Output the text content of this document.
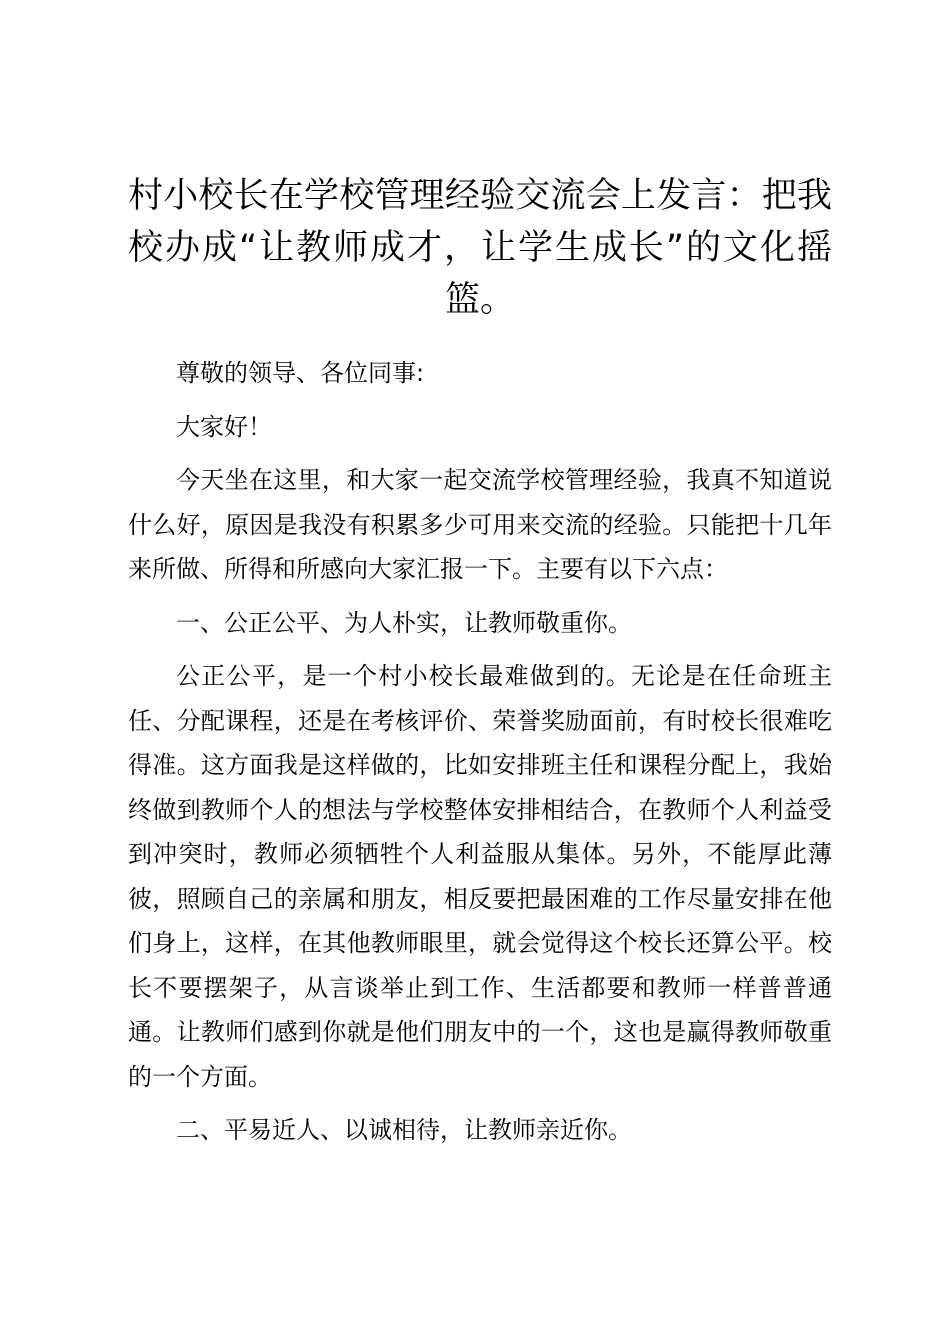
村小校长在学校管理经验交流会上发言：把我校办成“让教师成才，让学生成长”的文化摇篮。

尊敬的领导、各位同事:

大家好！

今天坐在这里，和大家一起交流学校管理经验，我真不知道说什么好，原因是我没有积累多少可用来交流的经验。只能把十几年来所做、所得和所感向大家汇报一下。主要有以下六点：

一、公正公平、为人朴实，让教师敬重你。

公正公平，是一个村小校长最难做到的。无论是在任命班主任、分配课程，还是在考核评价、荣誉奖励面前，有时校长很难吃得准。这方面我是这样做的，比如安排班主任和课程分配上，我始终做到教师个人的想法与学校整体安排相结合，在教师个人利益受到冲突时，教师必须牺牲个人利益服从集体。另外，不能厚此薄彼，照顾自己的亲属和朋友，相反要把最困难的工作尽量安排在他们身上，这样，在其他教师眼里，就会觉得这个校长还算公平。校长不要摆架子，从言谈举止到工作、生活都要和教师一样普普通通。让教师们感到你就是他们朋友中的一个，这也是赢得教师敬重的一个方面。

二、平易近人、以诚相待，让教师亲近你。
